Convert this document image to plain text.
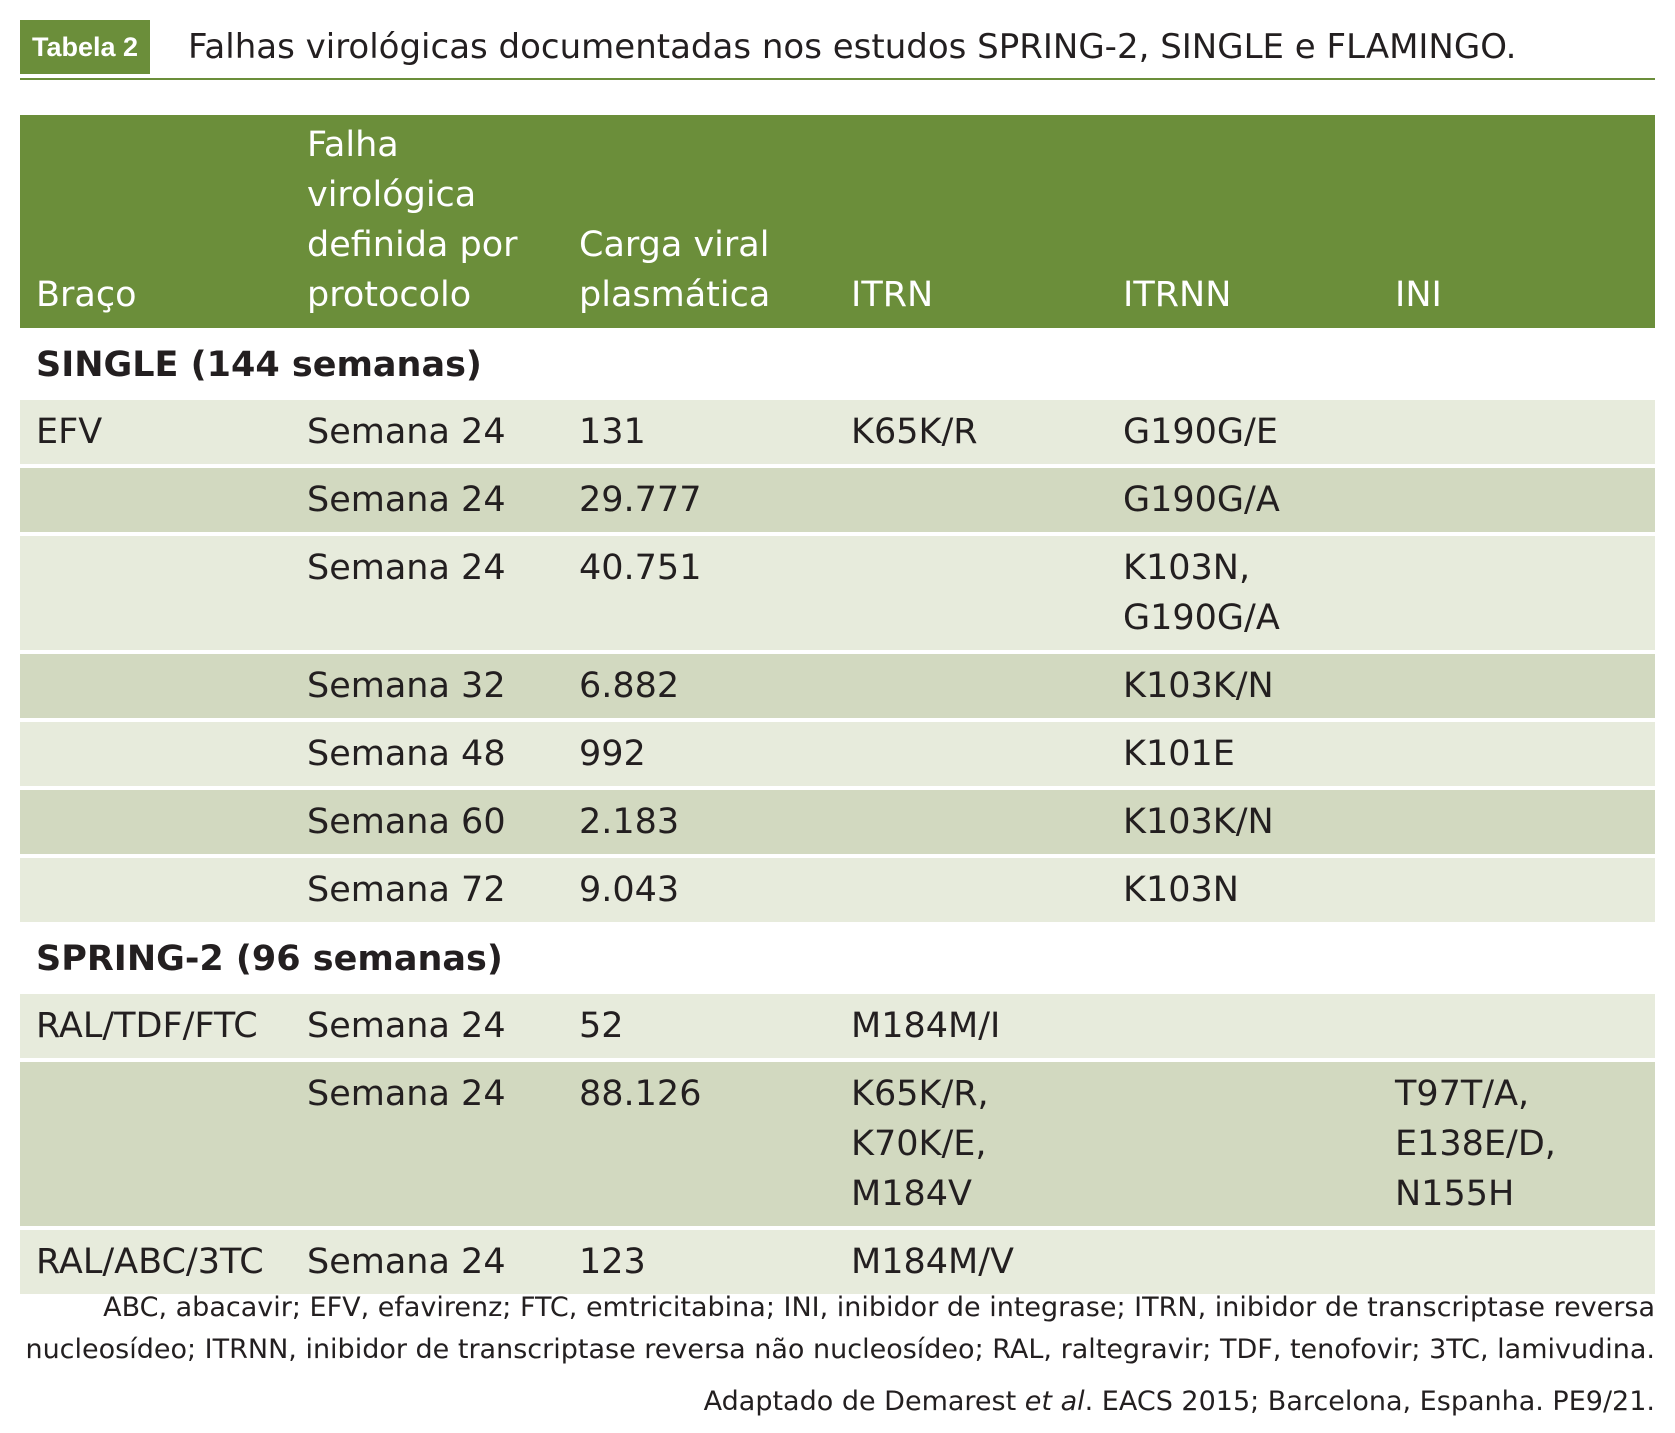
Tabela 2	Falhas virológicas documentadas nos estudos SPRING-2, SINGLE e FLAMINGO.
Braço	Falha virológica definida por protocolo	Carga viral plasmática	ITRN	ITRNN	INI
SINGLE (144 semanas)					
EFV	Semana 24	131	K65K/R	G190G/E	
	Semana 24	29.777		G190G/A	
	Semana 24	40.751		K103N, G190G/A	
	Semana 32	6.882		K103K/N	
	Semana 48	992		K101E	
	Semana 60	2.183		K103K/N	
	Semana 72	9.043		K103N	
SPRING-2 (96 semanas)					
RAL/TDF/FTC	Semana 24	52	M184M/I		
	Semana 24	88.126	K65K/R, K70K/E, M184V		T97T/A, E138E/D, N155H
RAL/ABC/3TC	Semana 24	123	M184M/V		
ABC, abacavir; EFV, efavirenz; FTC, emtricitabina; INI, inibidor de integrase; ITRN, inibidor de transcriptase reversa nucleosídeo; ITRNN, inibidor de transcriptase reversa não nucleosídeo; RAL, raltegravir; TDF, tenofovir; 3TC, lamivudina.
Adaptado de Demarest et al. EACS 2015; Barcelona, Espanha. PE9/21.
